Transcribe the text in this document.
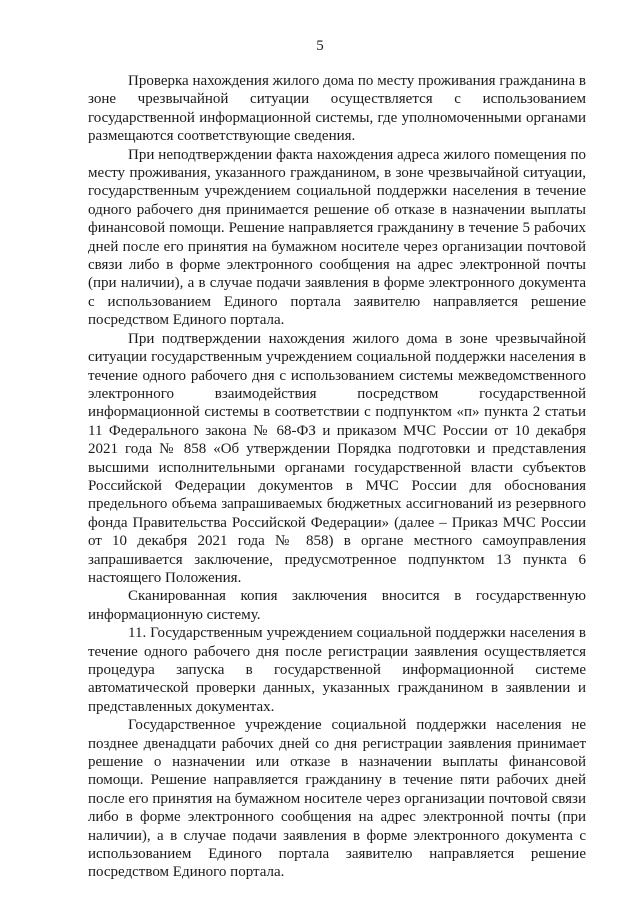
5

Проверка нахождения жилого дома по месту проживания гражданина в зоне чрезвычайной ситуации осуществляется с использованием государственной информационной системы, где уполномоченными органами размещаются соответствующие сведения.

При неподтверждении факта нахождения адреса жилого помещения по месту проживания, указанного гражданином, в зоне чрезвычайной ситуации, государственным учреждением социальной поддержки населения в течение одного рабочего дня принимается решение об отказе в назначении выплаты финансовой помощи. Решение направляется гражданину в течение 5 рабочих дней после его принятия на бумажном носителе через организации почтовой связи либо в форме электронного сообщения на адрес электронной почты (при наличии), а в случае подачи заявления в форме электронного документа с использованием Единого портала заявителю направляется решение посредством Единого портала.

При подтверждении нахождения жилого дома в зоне чрезвычайной ситуации государственным учреждением социальной поддержки населения в течение одного рабочего дня с использованием системы межведомственного электронного взаимодействия посредством государственной информационной системы в соответствии с подпунктом «п» пункта 2 статьи 11 Федерального закона № 68-ФЗ и приказом МЧС России от 10 декабря 2021 года № 858 «Об утверждении Порядка подготовки и представления высшими исполнительными органами государственной власти субъектов Российской Федерации документов в МЧС России для обоснования предельного объема запрашиваемых бюджетных ассигнований из резервного фонда Правительства Российской Федерации» (далее – Приказ МЧС России от 10 декабря 2021 года № 858) в органе местного самоуправления запрашивается заключение, предусмотренное подпунктом 13 пункта 6 настоящего Положения.

Сканированная копия заключения вносится в государственную информационную систему.

11. Государственным учреждением социальной поддержки населения в течение одного рабочего дня после регистрации заявления осуществляется процедура запуска в государственной информационной системе автоматической проверки данных, указанных гражданином в заявлении и представленных документах.

Государственное учреждение социальной поддержки населения не позднее двенадцати рабочих дней со дня регистрации заявления принимает решение о назначении или отказе в назначении выплаты финансовой помощи. Решение направляется гражданину в течение пяти рабочих дней после его принятия на бумажном носителе через организации почтовой связи либо в форме электронного сообщения на адрес электронной почты (при наличии), а в случае подачи заявления в форме электронного документа с использованием Единого портала заявителю направляется решение посредством Единого портала.
